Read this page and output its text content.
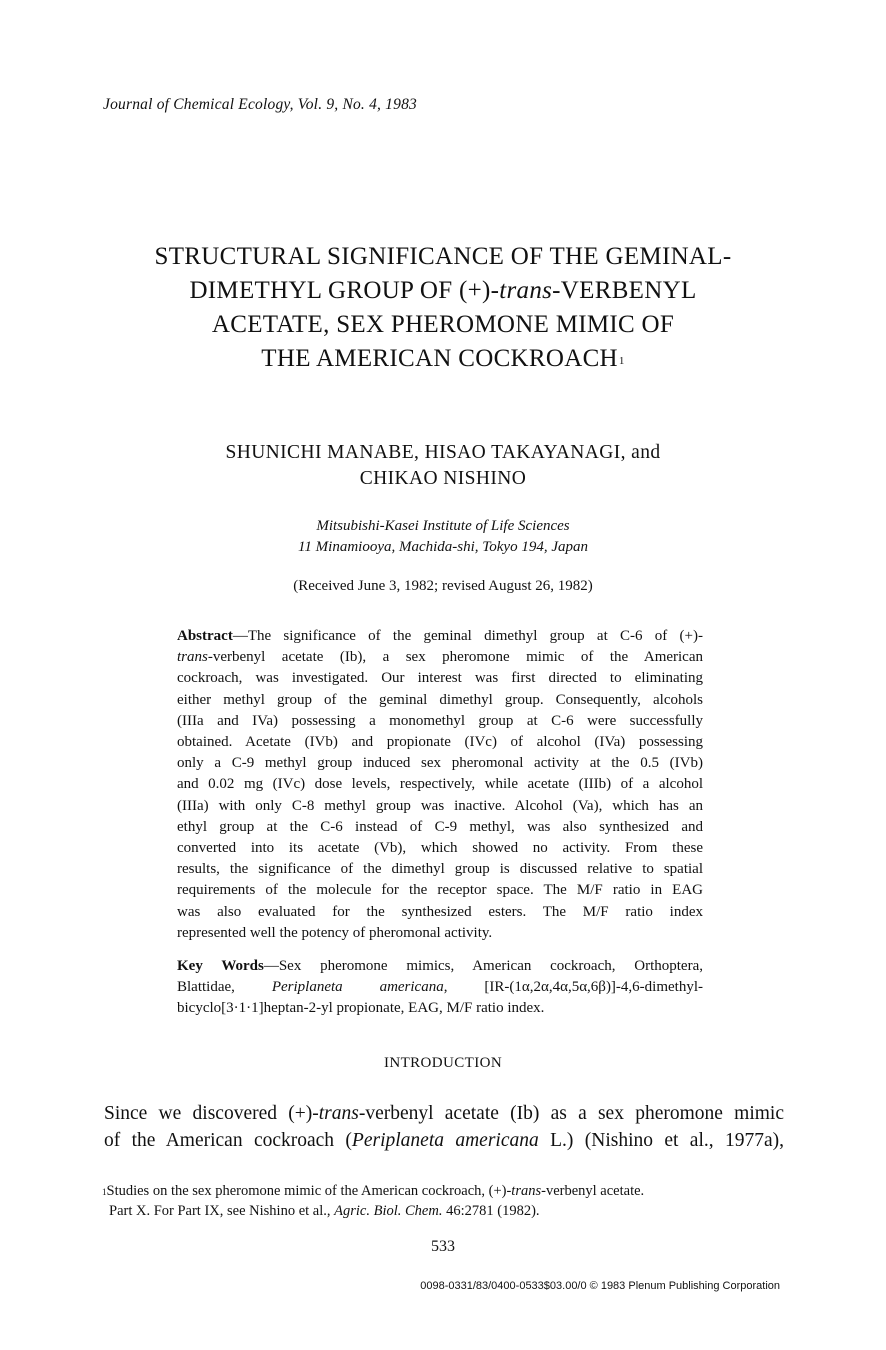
Journal of Chemical Ecology, Vol. 9, No. 4, 1983
STRUCTURAL SIGNIFICANCE OF THE GEMINAL-
DIMETHYL GROUP OF (+)-trans-VERBENYL
ACETATE, SEX PHEROMONE MIMIC OF
THE AMERICAN COCKROACH$^1$
SHUNICHI MANABE, HISAO TAKAYANAGI, and
CHIKAO NISHINO
Mitsubishi-Kasei Institute of Life Sciences
11 Minamiooya, Machida-shi, Tokyo 194, Japan
(Received June 3, 1982; revised August 26, 1982)
Abstract—The significance of the geminal dimethyl group at C-6 of (+)-
trans-verbenyl acetate (Ib), a sex pheromone mimic of the American
cockroach, was investigated. Our interest was first directed to eliminating
either methyl group of the geminal dimethyl group. Consequently, alcohols
(IIIa and IVa) possessing a monomethyl group at C-6 were successfully
obtained. Acetate (IVb) and propionate (IVc) of alcohol (IVa) possessing
only a C-9 methyl group induced sex pheromonal activity at the 0.5 (IVb)
and 0.02 mg (IVc) dose levels, respectively, while acetate (IIIb) of a alcohol
(IIIa) with only C-8 methyl group was inactive. Alcohol (Va), which has an
ethyl group at the C-6 instead of C-9 methyl, was also synthesized and
converted into its acetate (Vb), which showed no activity. From these
results, the significance of the dimethyl group is discussed relative to spatial
requirements of the molecule for the receptor space. The M/F ratio in EAG
was also evaluated for the synthesized esters. The M/F ratio index
represented well the potency of pheromonal activity.
Key Words—Sex pheromone mimics, American cockroach, Orthoptera,
Blattidae, Periplaneta americana, [IR-(1α,2α,4α,5α,6β)]-4,6-dimethyl-
bicyclo[3·1·1]heptan-2-yl propionate, EAG, M/F ratio index.
INTRODUCTION
Since we discovered (+)-trans-verbenyl acetate (Ib) as a sex pheromone mimic
of the American cockroach (Periplaneta americana L.) (Nishino et al., 1977a),
$^1$Studies on the sex pheromone mimic of the American cockroach, (+)-trans-verbenyl acetate.
Part X. For Part IX, see Nishino et al., Agric. Biol. Chem. 46:2781 (1982).
533
0098-0331/83/0400-0533$03.00/0 © 1983 Plenum Publishing Corporation
